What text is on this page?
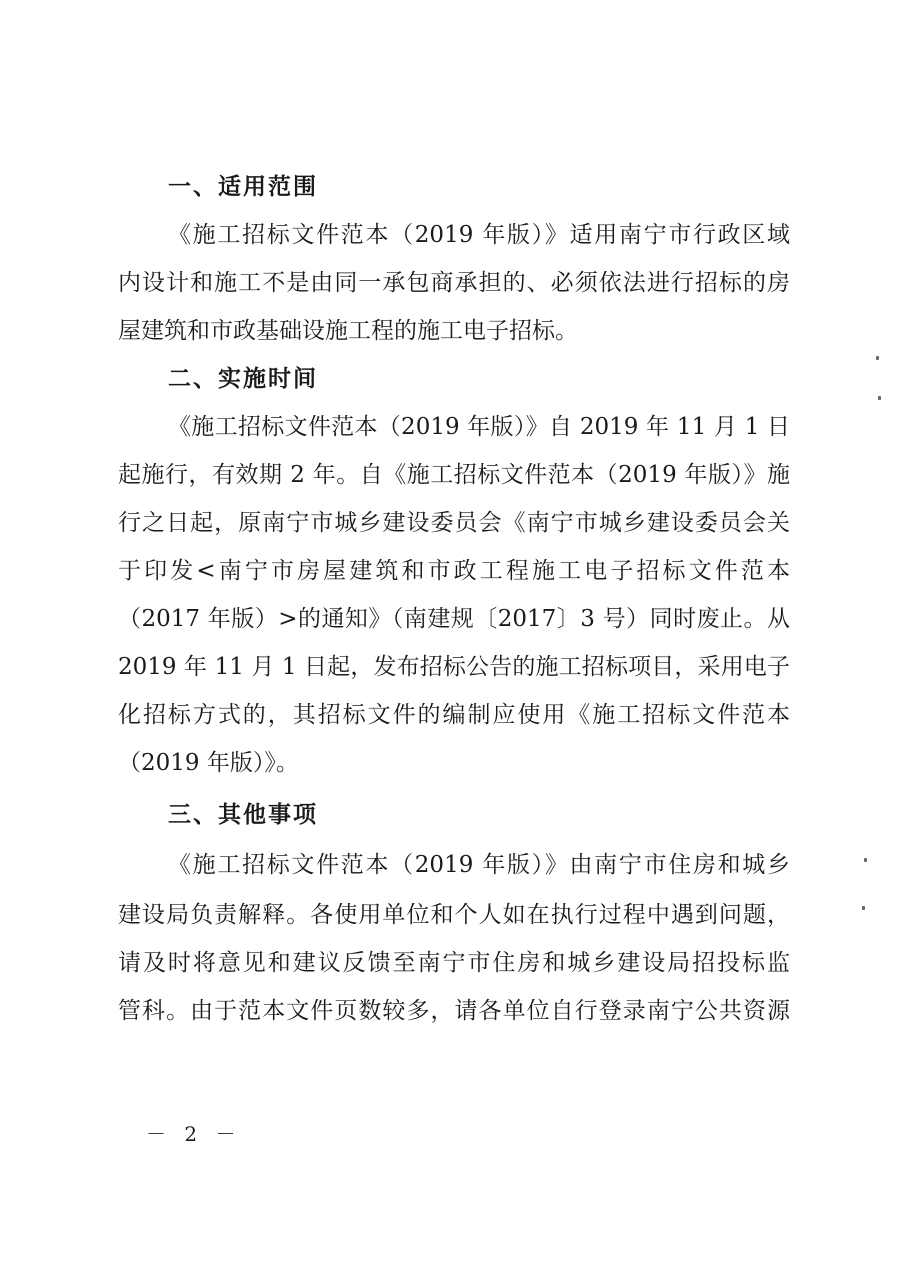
一、适用范围
《施工招标文件范本（2019 年版）》适用南宁市行政区域
内设计和施工不是由同一承包商承担的、必须依法进行招标的房
屋建筑和市政基础设施工程的施工电子招标。
二、实施时间
《施工招标文件范本（2019 年版）》自 2019 年 11 月 1 日
起施行，有效期 2 年。自《施工招标文件范本（2019 年版）》施
行之日起，原南宁市城乡建设委员会《南宁市城乡建设委员会关
于印发<南宁市房屋建筑和市政工程施工电子招标文件范本
（2017 年版）>的通知》（南建规〔2017〕3 号）同时废止。从
2019 年 11 月 1 日起，发布招标公告的施工招标项目，采用电子
化招标方式的，其招标文件的编制应使用《施工招标文件范本
（2019 年版）》。
三、其他事项
《施工招标文件范本（2019 年版）》由南宁市住房和城乡
建设局负责解释。各使用单位和个人如在执行过程中遇到问题，
请及时将意见和建议反馈至南宁市住房和城乡建设局招投标监
管科。由于范本文件页数较多，请各单位自行登录南宁公共资源
－ 2 －
